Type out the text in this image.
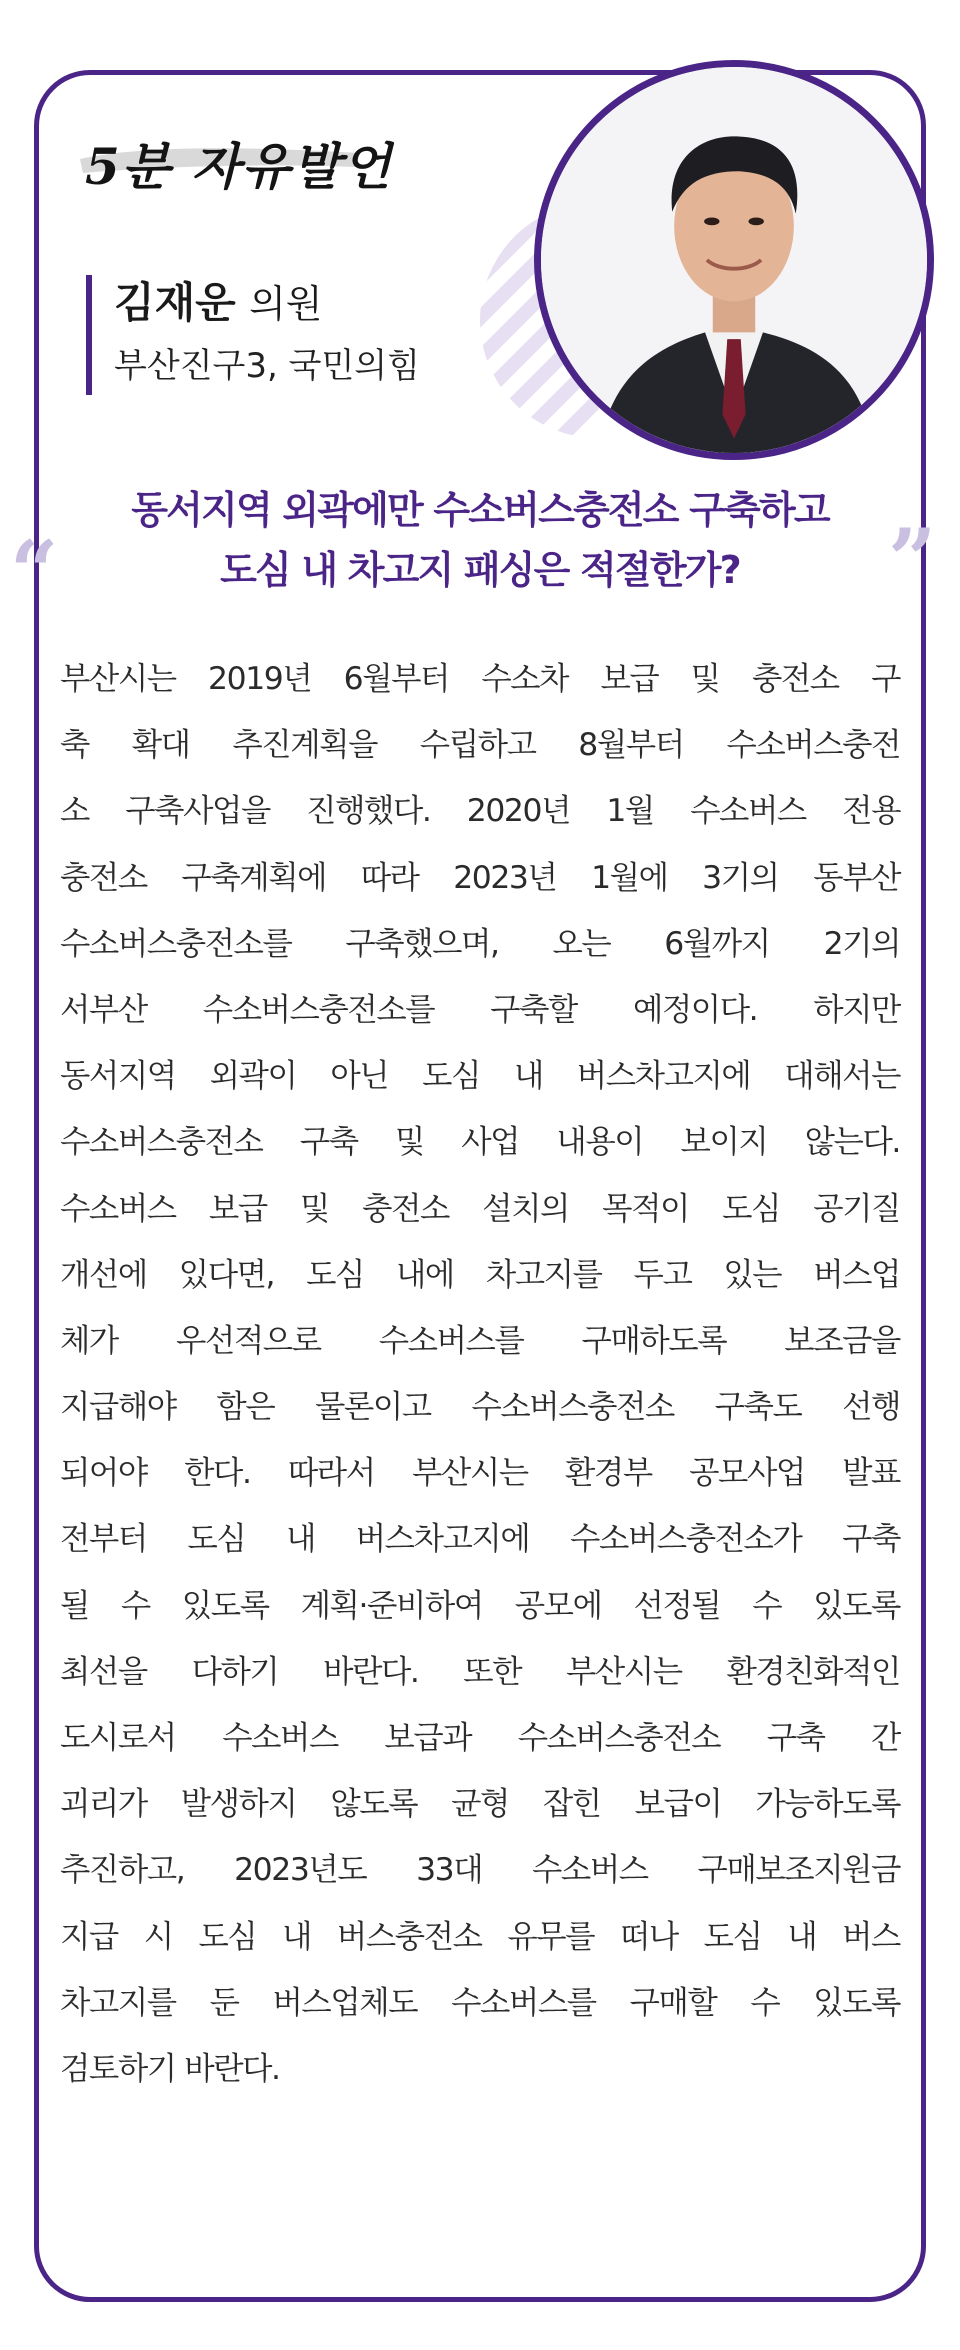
5분 자유발언
김재운 의원
부산진구3, 국민의힘
“	”
동서지역 외곽에만 수소버스충전소 구축하고
도심 내 차고지 패싱은 적절한가?
부산시는 2019년 6월부터 수소차 보급 및 충전소 구
축 확대 추진계획을 수립하고 8월부터 수소버스충전
소 구축사업을 진행했다. 2020년 1월 수소버스 전용
충전소 구축계획에 따라 2023년 1월에 3기의 동부산
수소버스충전소를 구축했으며, 오는 6월까지 2기의
서부산 수소버스충전소를 구축할 예정이다. 하지만
동서지역 외곽이 아닌 도심 내 버스차고지에 대해서는
수소버스충전소 구축 및 사업 내용이 보이지 않는다.
수소버스 보급 및 충전소 설치의 목적이 도심 공기질
개선에 있다면, 도심 내에 차고지를 두고 있는 버스업
체가 우선적으로 수소버스를 구매하도록 보조금을
지급해야 함은 물론이고 수소버스충전소 구축도 선행
되어야 한다. 따라서 부산시는 환경부 공모사업 발표
전부터 도심 내 버스차고지에 수소버스충전소가 구축
될 수 있도록 계획·준비하여 공모에 선정될 수 있도록
최선을 다하기 바란다. 또한 부산시는 환경친화적인
도시로서 수소버스 보급과 수소버스충전소 구축 간
괴리가 발생하지 않도록 균형 잡힌 보급이 가능하도록
추진하고, 2023년도 33대 수소버스 구매보조지원금
지급 시 도심 내 버스충전소 유무를 떠나 도심 내 버스
차고지를 둔 버스업체도 수소버스를 구매할 수 있도록
검토하기 바란다.
